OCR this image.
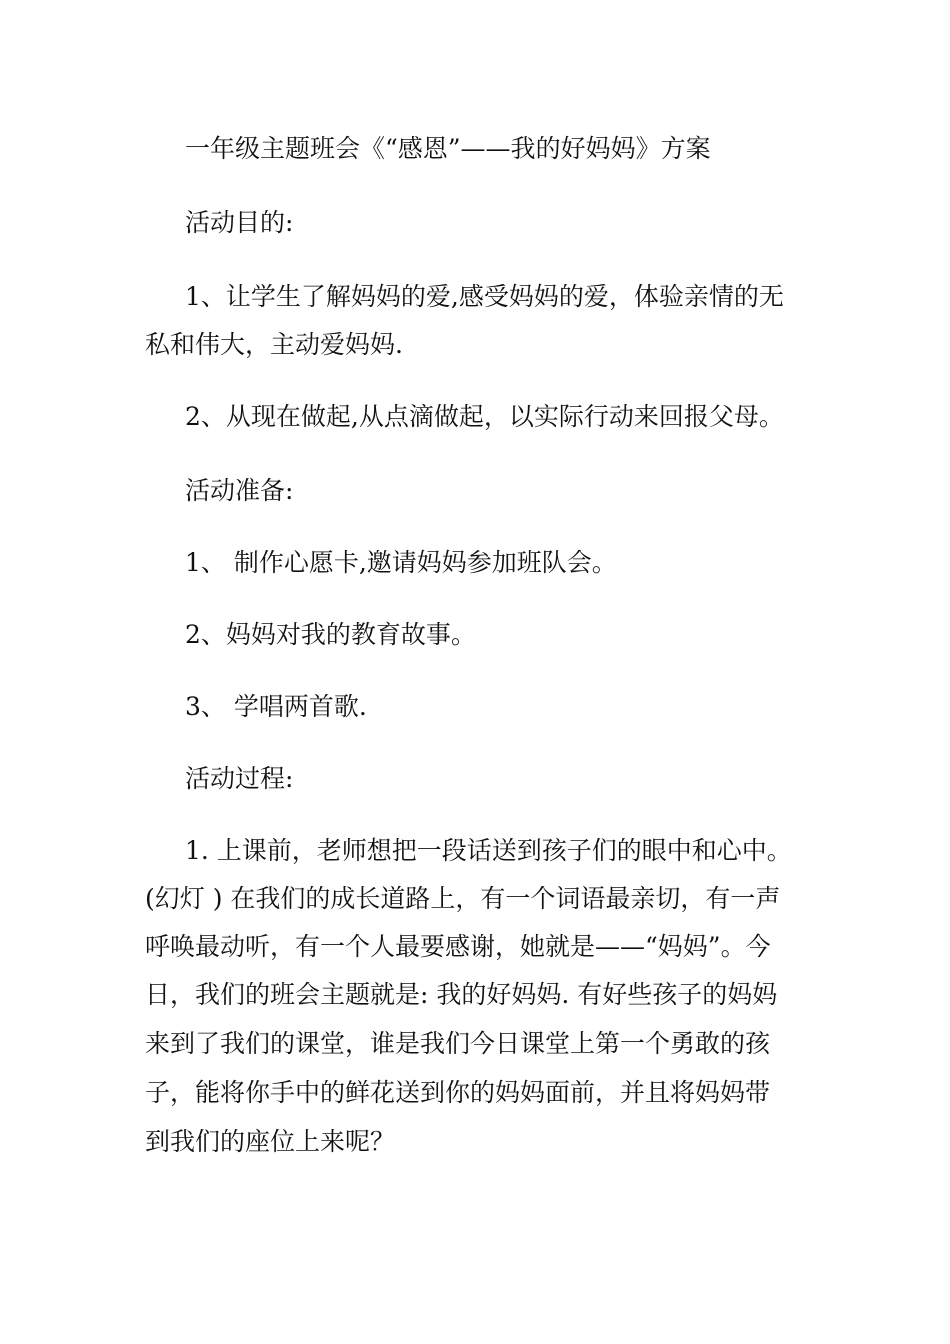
一年级主题班会《“感恩”——我的好妈妈》方案
活动目的:
1、让学生了解妈妈的爱,感受妈妈的爱，体验亲情的无
私和伟大，主动爱妈妈.
2、从现在做起,从点滴做起，以实际行动来回报父母。
活动准备:
1、 制作心愿卡,邀请妈妈参加班队会。
2、妈妈对我的教育故事。
3、 学唱两首歌.
活动过程:
1. 上课前，老师想把一段话送到孩子们的眼中和心中。
(幻灯 ) 在我们的成长道路上，有一个词语最亲切，有一声
呼唤最动听，有一个人最要感谢，她就是——“妈妈”。今
日，我们的班会主题就是: 我的好妈妈. 有好些孩子的妈妈
来到了我们的课堂，谁是我们今日课堂上第一个勇敢的孩
子，能将你手中的鲜花送到你的妈妈面前，并且将妈妈带
到我们的座位上来呢？
